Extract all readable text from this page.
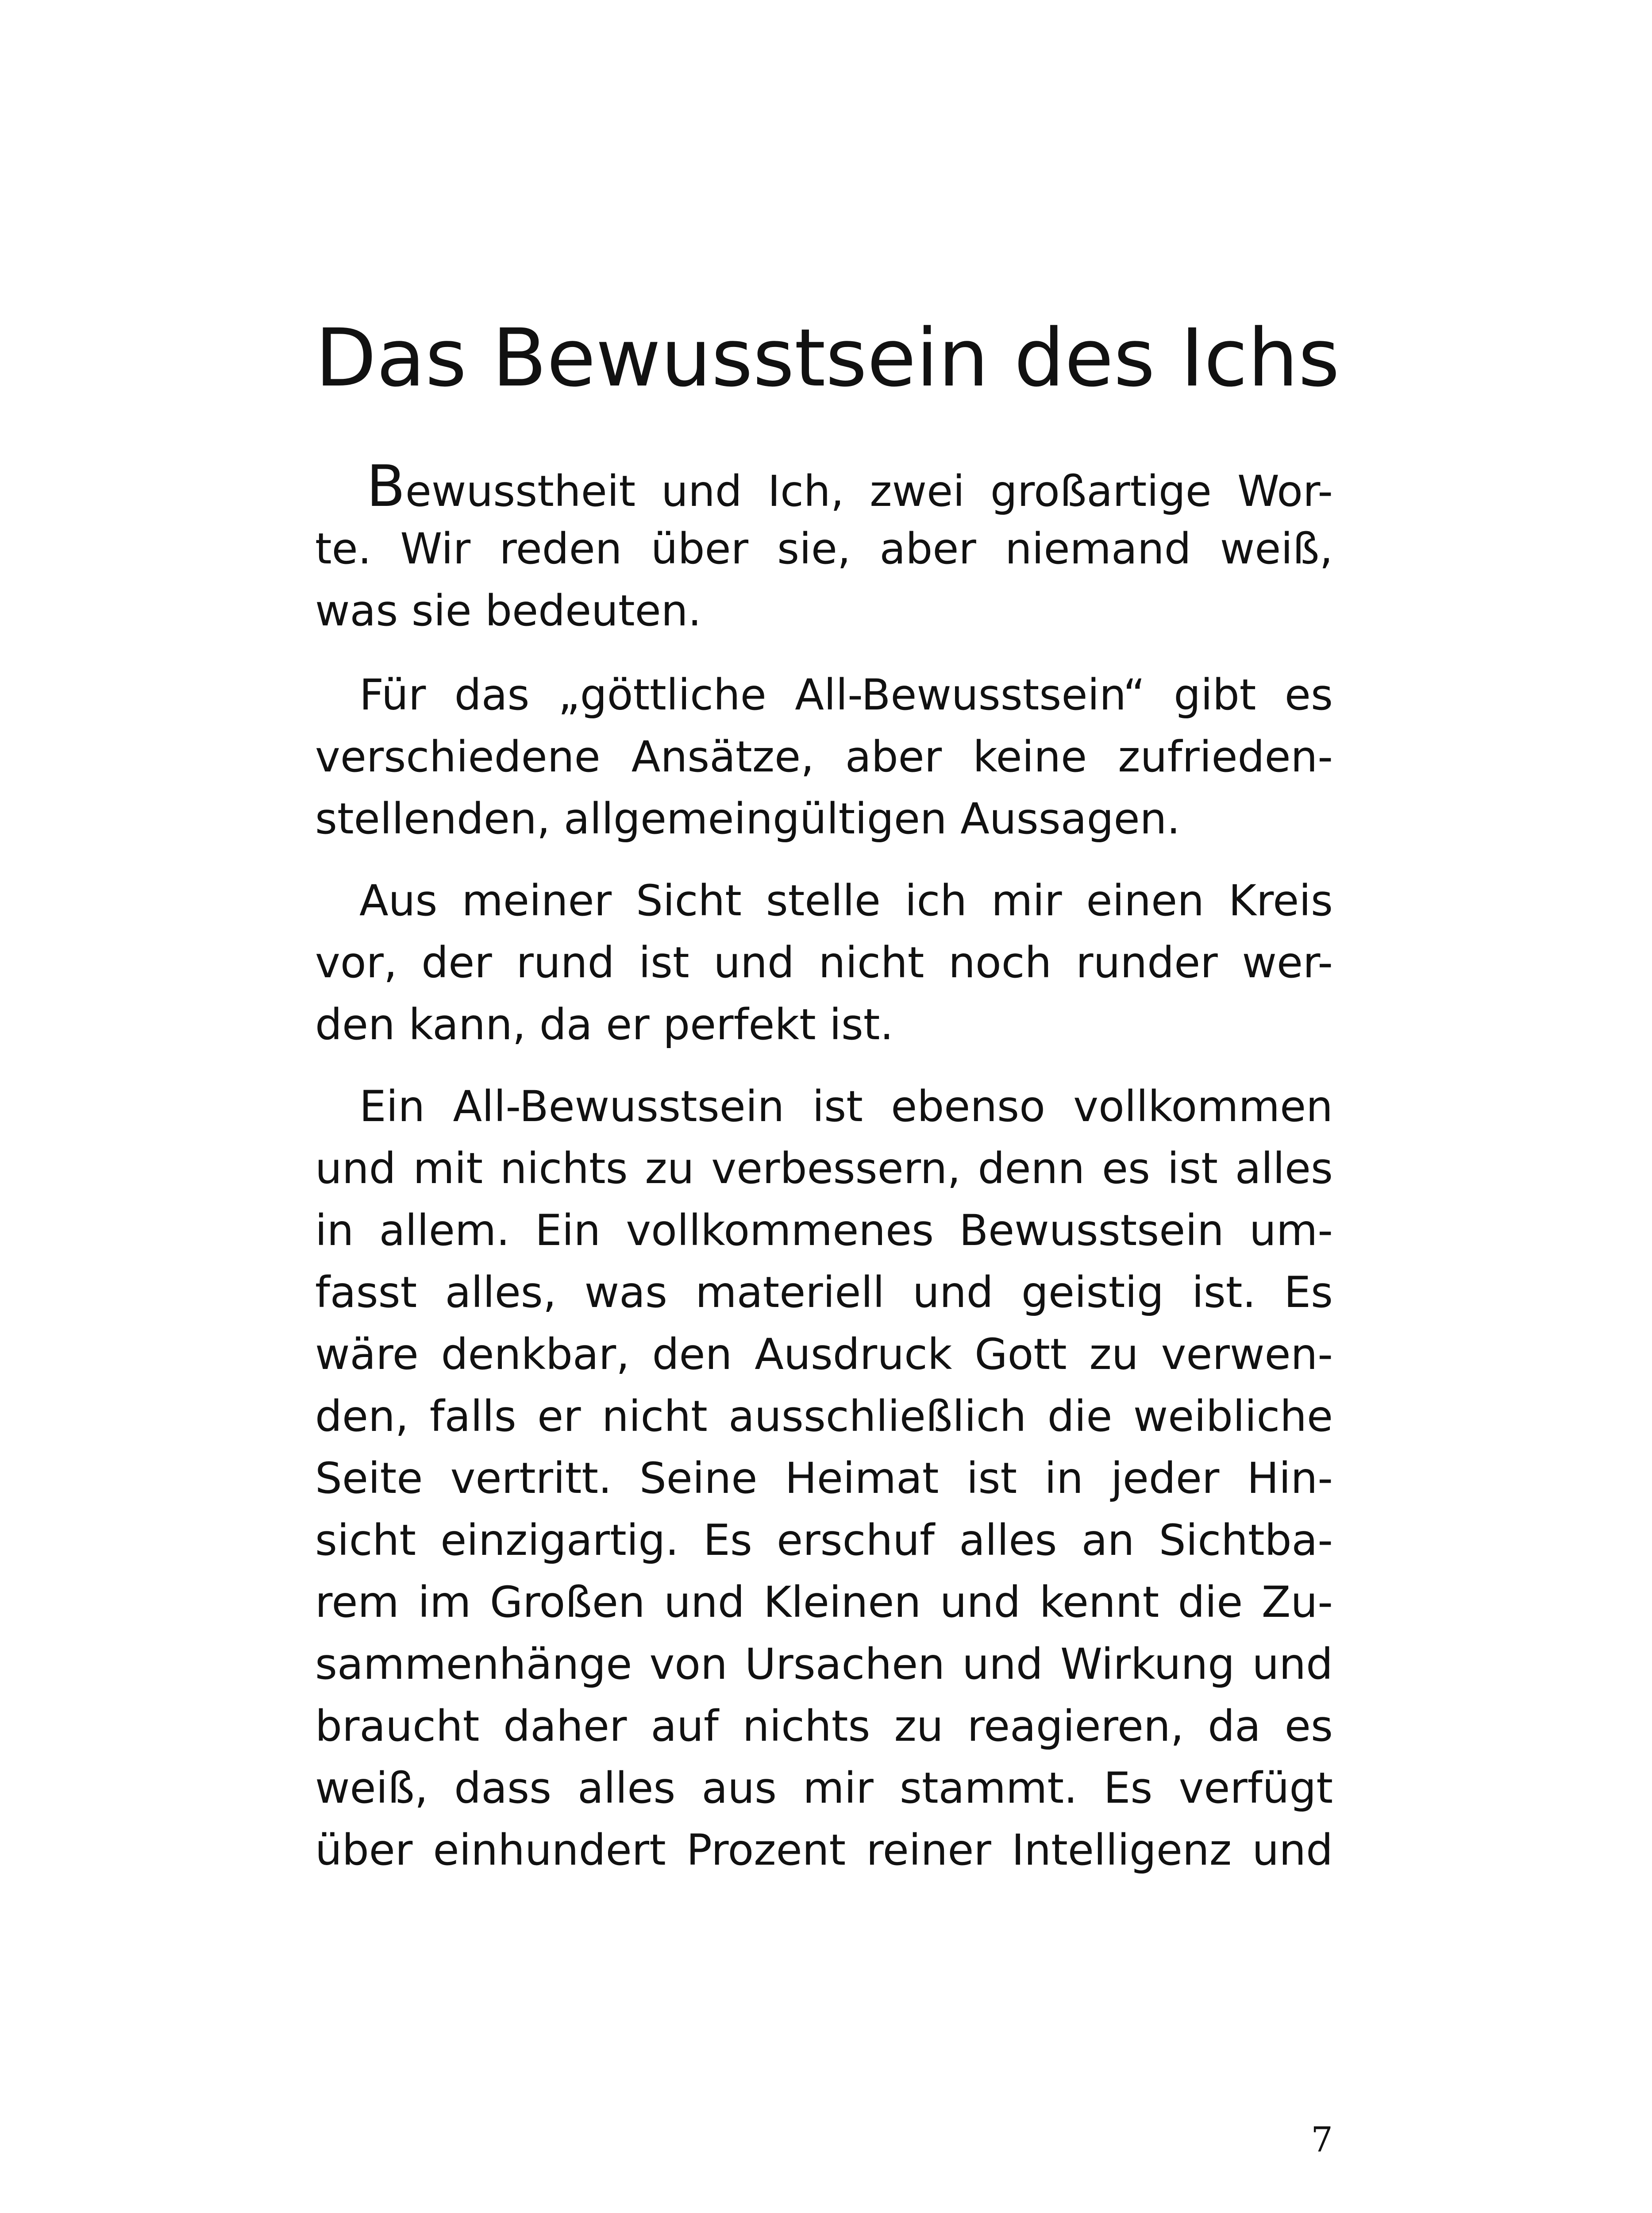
Das Bewusstsein des Ichs
Bewusstheit und Ich, zwei großartige Wor-
te. Wir reden über sie, aber niemand weiß,
was sie bedeuten.
Für das „göttliche All-Bewusstsein“ gibt es
verschiedene Ansätze, aber keine zufrieden-
stellenden, allgemeingültigen Aussagen.
Aus meiner Sicht stelle ich mir einen Kreis
vor, der rund ist und nicht noch runder wer-
den kann, da er perfekt ist.
Ein All-Bewusstsein ist ebenso vollkommen
und mit nichts zu verbessern, denn es ist alles
in allem. Ein vollkommenes Bewusstsein um-
fasst alles, was materiell und geistig ist. Es
wäre denkbar, den Ausdruck Gott zu verwen-
den, falls er nicht ausschließlich die weibliche
Seite vertritt. Seine Heimat ist in jeder Hin-
sicht einzigartig. Es erschuf alles an Sichtba-
rem im Großen und Kleinen und kennt die Zu-
sammenhänge von Ursachen und Wirkung und
braucht daher auf nichts zu reagieren, da es
weiß, dass alles aus mir stammt. Es verfügt
über einhundert Prozent reiner Intelligenz und
7
